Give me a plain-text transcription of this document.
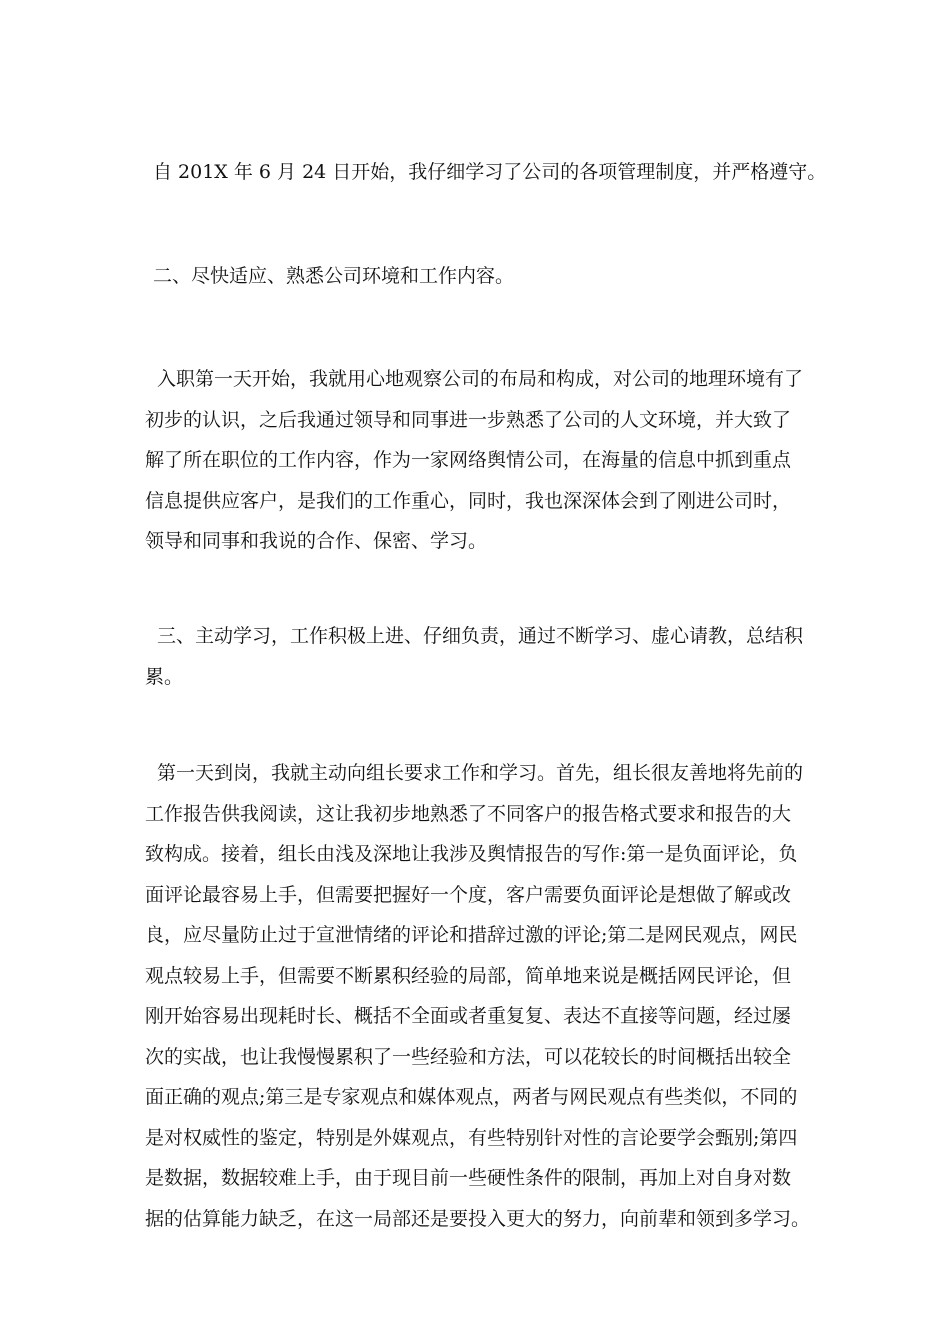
自 201X 年 6 月 24 日开始，我仔细学习了公司的各项管理制度，并严格遵守。

二、尽快适应、熟悉公司环境和工作内容。

入职第一天开始，我就用心地观察公司的布局和构成，对公司的地理环境有了
初步的认识，之后我通过领导和同事进一步熟悉了公司的人文环境，并大致了
解了所在职位的工作内容，作为一家网络舆情公司，在海量的信息中抓到重点
信息提供应客户，是我们的工作重心，同时，我也深深体会到了刚进公司时，
领导和同事和我说的合作、保密、学习。

三、主动学习，工作积极上进、仔细负责，通过不断学习、虚心请教，总结积
累。

第一天到岗，我就主动向组长要求工作和学习。首先，组长很友善地将先前的
工作报告供我阅读，这让我初步地熟悉了不同客户的报告格式要求和报告的大
致构成。接着，组长由浅及深地让我涉及舆情报告的写作:第一是负面评论，负
面评论最容易上手，但需要把握好一个度，客户需要负面评论是想做了解或改
良，应尽量防止过于宣泄情绪的评论和措辞过激的评论;第二是网民观点，网民
观点较易上手，但需要不断累积经验的局部，简单地来说是概括网民评论，但
刚开始容易出现耗时长、概括不全面或者重复复、表达不直接等问题，经过屡
次的实战，也让我慢慢累积了一些经验和方法，可以花较长的时间概括出较全
面正确的观点;第三是专家观点和媒体观点，两者与网民观点有些类似，不同的
是对权威性的鉴定，特别是外媒观点，有些特别针对性的言论要学会甄别;第四
是数据，数据较难上手，由于现目前一些硬性条件的限制，再加上对自身对数
据的估算能力缺乏，在这一局部还是要投入更大的努力，向前辈和领到多学习。
